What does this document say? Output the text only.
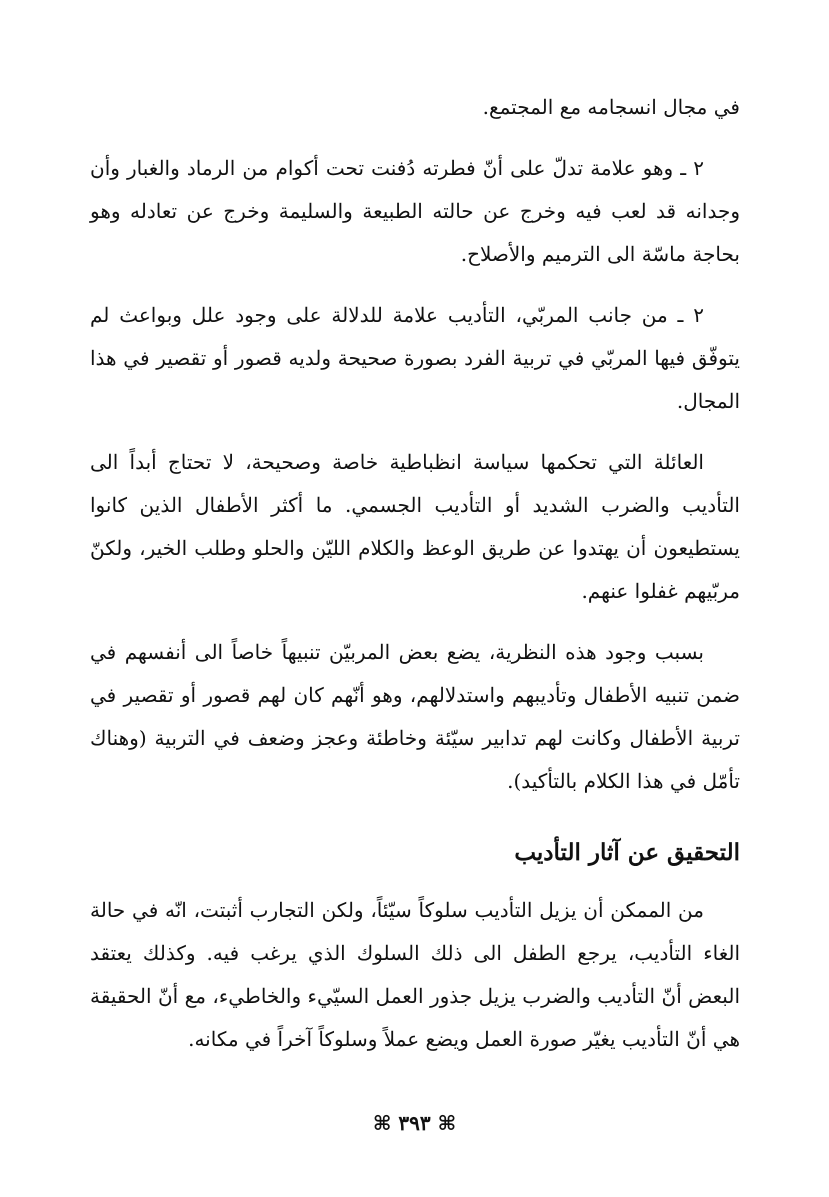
في مجال انسجامه مع المجتمع.

٢ ـ وهو علامة تدلّ على أنّ فطرته دُفنت تحت أكوام من الرماد والغبار وأن وجدانه قد لعب فيه وخرج عن حالته الطبيعة والسليمة وخرج عن تعادله وهو بحاجة ماسّة الى الترميم والأصلاح.

٢ ـ من جانب المربّي، التأديب علامة للدلالة على وجود علل وبواعث لم يتوفّق فيها المربّي في تربية الفرد بصورة صحيحة ولديه قصور أو تقصير في هذا المجال.

العائلة التي تحكمها سياسة انظباطية خاصة وصحيحة، لا تحتاج أبداً الى التأديب والضرب الشديد أو التأديب الجسمي. ما أكثر الأطفال الذين كانوا يستطيعون أن يهتدوا عن طريق الوعظ والكلام الليّن والحلو وطلب الخير، ولكنّ مربّيهم غفلوا عنهم.

بسبب وجود هذه النظرية، يضع بعض المربيّن تنبيهاً خاصاً الى أنفسهم في ضمن تنبيه الأطفال وتأديبهم واستدلالهم، وهو أنّهم كان لهم قصور أو تقصير في تربية الأطفال وكانت لهم تدابير سيّئة وخاطئة وعجز وضعف في التربية (وهناك تأمّل في هذا الكلام بالتأكيد).

التحقيق عن آثار التأديب

من الممكن أن يزيل التأديب سلوكاً سيّئاً، ولكن التجارب أثبتت، انّه في حالة الغاء التأديب، يرجع الطفل الى ذلك السلوك الذي يرغب فيه. وكذلك يعتقد البعض أنّ التأديب والضرب يزيل جذور العمل السيّيء والخاطيء، مع أنّ الحقيقة هي أنّ التأديب يغيّر صورة العمل ويضع عملاً وسلوكاً آخراً في مكانه.

⌘ ٣٩٣ ⌘
